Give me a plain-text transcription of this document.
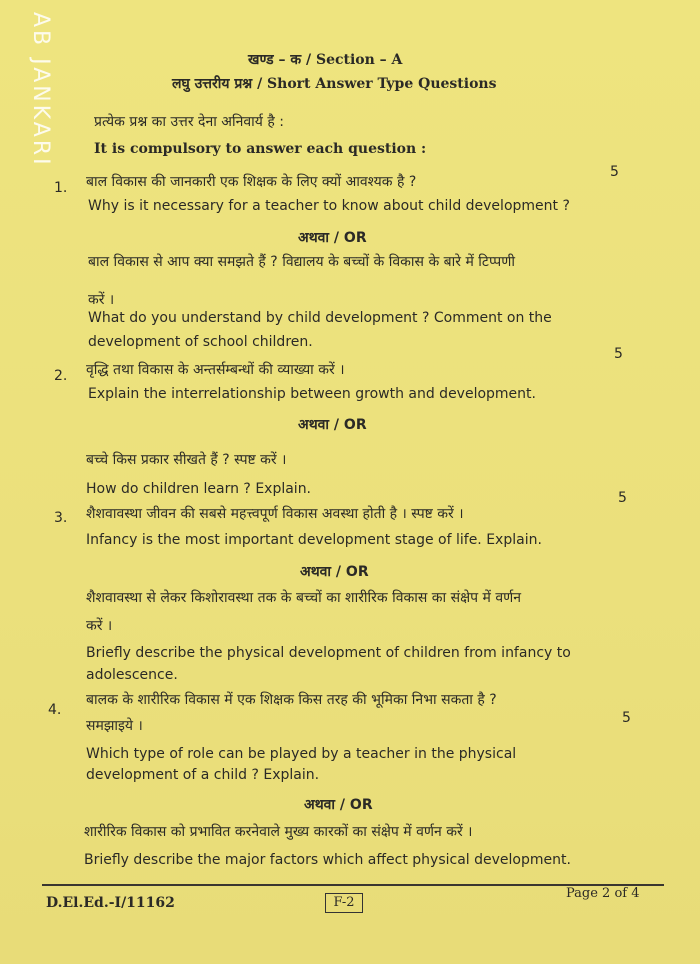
AB JANKARI	खण्ड – क / Section – A
लघु उत्तरीय प्रश्न / Short Answer Type Questions
प्रत्येक प्रश्न का उत्तर देना अनिवार्य है :
It is compulsory to answer each question :
1.
5
बाल विकास की जानकारी एक शिक्षक के लिए क्यों आवश्यक है ?
Why is it necessary for a teacher to know about child development ?
अथवा / OR
बाल विकास से आप क्या समझते हैं ? विद्यालय के बच्चों के विकास के बारे में टिप्पणी
करें ।
What do you understand by child development ? Comment on the
development of school children.
2.
5
वृद्धि तथा विकास के अन्तर्सम्बन्धों की व्याख्या करें ।
Explain the interrelationship between growth and development.
अथवा / OR
बच्चे किस प्रकार सीखते हैं ? स्पष्ट करें ।
How do children learn ? Explain.
3.
5
शैशवावस्था जीवन की सबसे महत्त्वपूर्ण विकास अवस्था होती है । स्पष्ट करें ।
Infancy is the most important development stage of life. Explain.
अथवा / OR
शैशवावस्था से लेकर किशोरावस्था तक के बच्चों का शारीरिक विकास का संक्षेप में वर्णन
करें ।
Briefly describe the physical development of children from infancy to
adolescence.
4.
बालक के शारीरिक विकास में एक शिक्षक किस तरह की भूमिका निभा सकता है ?
समझाइये ।	5
Which type of role can be played by a teacher in the physical
development of a child ? Explain.
अथवा / OR
शारीरिक विकास को प्रभावित करनेवाले मुख्य कारकों का संक्षेप में वर्णन करें ।
Briefly describe the major factors which affect physical development.
D.El.Ed.-I/11162	F-2
Page 2 of 4
